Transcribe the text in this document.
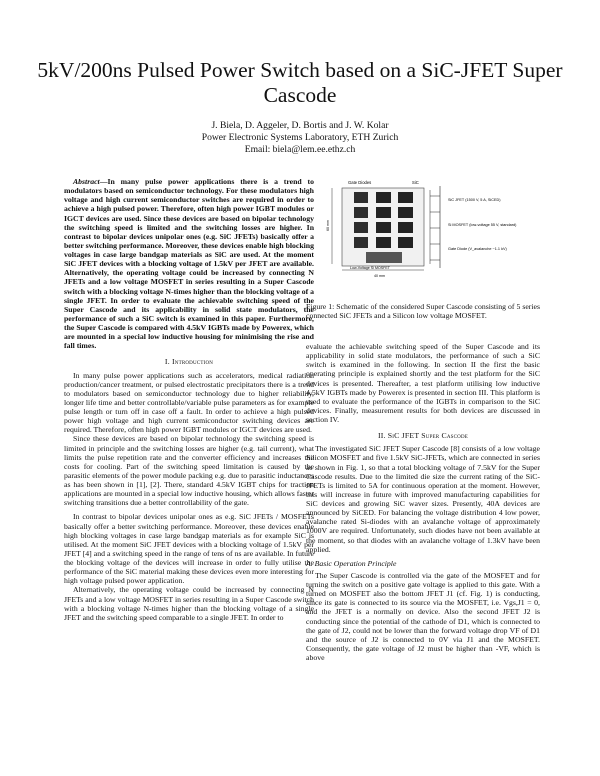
5kV/200ns Pulsed Power Switch based on a SiC-JFET Super Cascode
J. Biela, D. Aggeler, D. Bortis and J. W. Kolar
Power Electronic Systems Laboratory, ETH Zurich
Email: biela@lem.ee.ethz.ch

Abstract—In many pulse power applications there is a trend to modulators based on semiconductor technology. For these modulators high voltage and high current semiconductor switches are required in order to achieve a high pulsed power. Therefore, often high power IGBT modules or IGCT devices are used. Since these devices are based on bipolar technology the switching speed is limited and the switching losses are higher. In contrast to bipolar devices unipolar ones (e.g. SiC JFETs) basically offer a better switching performance. Moreover, these devices enable high blocking voltages in case large bandgap materials as SiC are used. At the moment SiC JFET devices with a blocking voltage of 1.5kV per JFET are available. Alternatively, the operating voltage could be increased by connecting N JFETs and a low voltage MOSFET in series resulting in a Super Cascode switch with a blocking voltage N-times higher than the blocking voltage of a single JFET. In order to evaluate the achievable switching speed of the Super Cascode and its applicability in solid state modulators, the performance of such a SiC switch is examined in this paper. Furthermore, the Super Cascode is compared with 4.5kV IGBTs made by Powerex, which are mounted in a special low inductive housing for minimising the rise and fall times.

I. Introduction

In many pulse power applications such as accelerators, medical radiation production/cancer treatment, or pulsed electrostatic precipitators there is a trend to modulators based on semiconductor technology due to higher reliability, longer life time and better controllable/variable pulse parameters as for example pulse length or turn off in case off a fault. In order to achieve a high pulsed power high voltage and high current semiconductor switching devices are required. Therefore, often high power IGBT modules or IGCT devices are used.

Since these devices are based on bipolar technology the switching speed is limited in principle and the switching losses are higher (e.g. tail current), what limits the pulse repetition rate and the converter efficiency and increases the costs for cooling. Part of the switching speed limitation is caused by the parasitic elements of the power module packing e.g. due to parasitic inductances as has been shown in [1], [2]. There, standard 4.5kV IGBT chips for traction applications are mounted in a special low inductive housing, which allows faster switching transitions due a better controllability of the gate.

In contrast to bipolar devices unipolar ones as e.g. SiC JFETs / MOSFETs basically offer a better switching performance. Moreover, these devices enable high blocking voltages in case large bandgap materials as for example SiC is utilised. At the moment SiC JFET devices with a blocking voltage of 1.5kV per JFET [4] and a switching speed in the range of tens of ns are available. In future the blocking voltage of the devices will increase in order to fully utilise the performance of the SiC material making these devices even more interesting for high voltage pulsed power application.

Alternatively, the operating voltage could be increased by connecting N JFETs and a low voltage MOSFET in series resulting in a Super Cascode switch with a blocking voltage N-times higher than the blocking voltage of a single JFET and the switching speed comparable to a single JFET. In order to

Gate Diodes	SiC
60 mm
40 mm
Low-Voltage Si MOSFET
SiC JFET (1500 V, 5 A, SiCED)
Si MOSFET (low-voltage 55 V, standard)
Gate Diode (V_avalanche ~1.1 kV)
Figure 1: Schematic of the considered Super Cascode consisting of 5 series connected SiC JFETs and a Silicon low voltage MOSFET.

evaluate the achievable switching speed of the Super Cascode and its applicability in solid state modulators, the performance of such a SiC switch is examined in the following. In section II the first the basic operating principle is explained shortly and the test platform for the SiC devices is presented. Thereafter, a test platform utilising low inductive 4.5kV IGBTs made by Powerex is presented in section III. This platform is used to evaluate the performance of the IGBTs in comparison to the SiC devices. Finally, measurement results for both devices are discussed in section IV.

II. SiC JFET Super Cascode

The investigated SiC JFET Super Cascode [8] consists of a low voltage Silicon MOSFET and five 1.5kV SiC-JFETs, which are connected in series as shown in Fig. 1, so that a total blocking voltage of 7.5kV for the Super Cascode results. Due to the limited die size the current rating of the SiC-JFETs is limited to 5A for continuous operation at the moment. However, this will increase in future with improved manufacturing capabilities for SiC devices and growing SiC waver sizes. Presently, 40A devices are announced by SiCED. For balancing the voltage distribution 4 low power, avalanche rated Si-diodes with an avalanche voltage of approximately 1000V are required. Unfortunately, such diodes have not been available at the moment, so that diodes with an avalanche voltage of 1.3kV have been applied.

A. Basic Operation Principle

The Super Cascode is controlled via the gate of the MOSFET and for turning the switch on a positive gate voltage is applied to this gate. With a turned on MOSFET also the bottom JFET J1 (cf. Fig. 1) is conducting, since its gate is connected to its source via the MOSFET, i.e. Vgs,J1 = 0, and the JFET is a normally on device. Also the second JFET J2 is conducting since the potential of the cathode of D1, which is connected to the gate of J2, could not be lower than the forward voltage drop VF of D1 and the source of J2 is connected to 0V via J1 and the MOSFET. Consequently, the gate voltage of J2 must be higher than -VF, which is above
